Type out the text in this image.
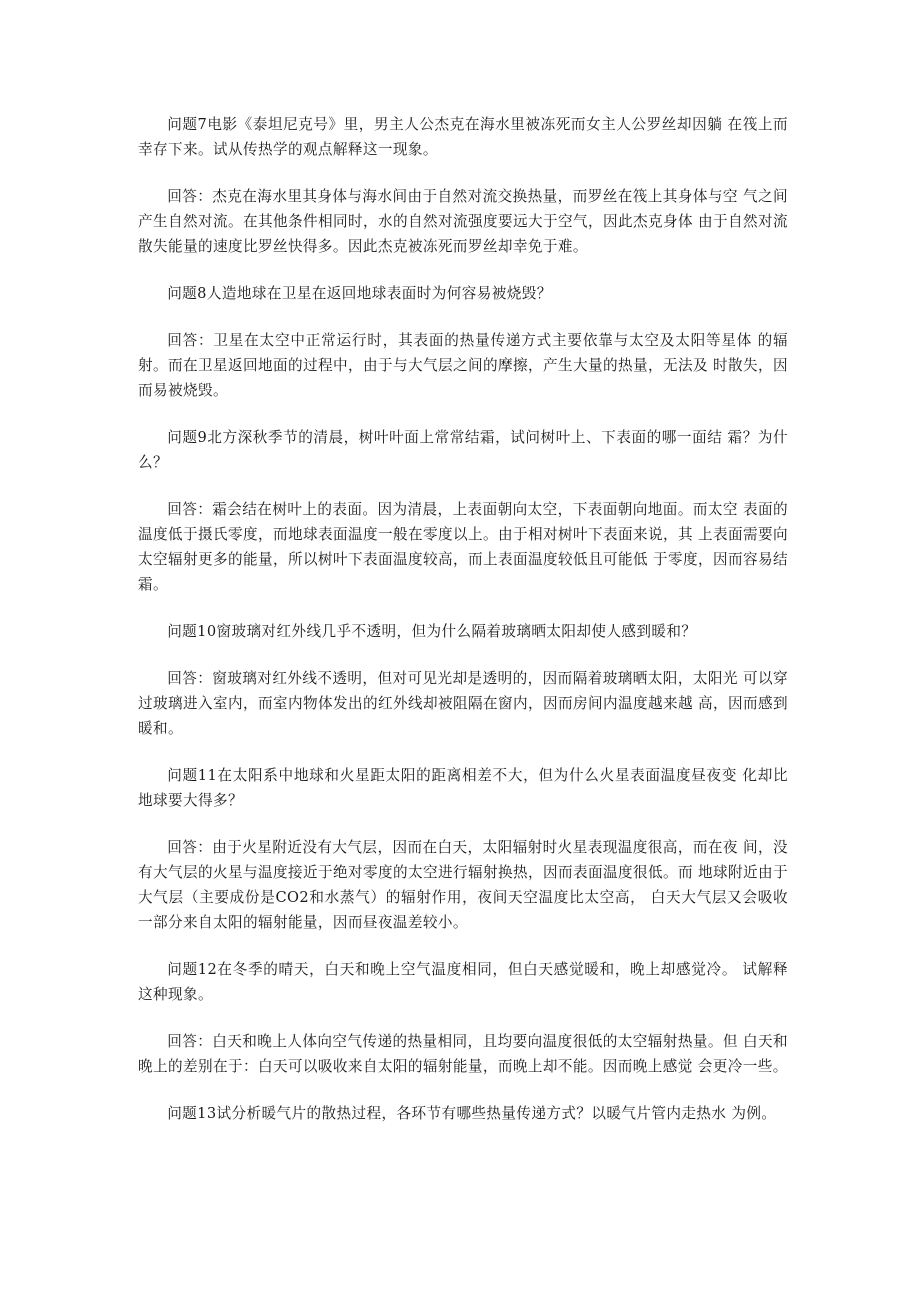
问题7电影《泰坦尼克号》里，男主人公杰克在海水里被冻死而女主人公罗丝却因躺 在筏上而幸存下来。试从传热学的观点解释这一现象。

回答：杰克在海水里其身体与海水间由于自然对流交换热量，而罗丝在筏上其身体与空 气之间产生自然对流。在其他条件相同时，水的自然对流强度要远大于空气，因此杰克身体 由于自然对流散失能量的速度比罗丝快得多。因此杰克被冻死而罗丝却幸免于难。

问题8人造地球在卫星在返回地球表面时为何容易被烧毁？

回答：卫星在太空中正常运行时，其表面的热量传递方式主要依靠与太空及太阳等星体 的辐射。而在卫星返回地面的过程中，由于与大气层之间的摩擦，产生大量的热量，无法及 时散失，因而易被烧毁。

问题9北方深秋季节的清晨，树叶叶面上常常结霜，试问树叶上、下表面的哪一面结 霜？为什么？

回答：霜会结在树叶上的表面。因为清晨，上表面朝向太空，下表面朝向地面。而太空 表面的温度低于摄氏零度，而地球表面温度一般在零度以上。由于相对树叶下表面来说，其 上表面需要向太空辐射更多的能量，所以树叶下表面温度较高，而上表面温度较低且可能低 于零度，因而容易结霜。

问题10窗玻璃对红外线几乎不透明，但为什么隔着玻璃晒太阳却使人感到暖和？

回答：窗玻璃对红外线不透明，但对可见光却是透明的，因而隔着玻璃晒太阳，太阳光 可以穿过玻璃进入室内，而室内物体发出的红外线却被阻隔在窗内，因而房间内温度越来越 高，因而感到暖和。

问题11在太阳系中地球和火星距太阳的距离相差不大，但为什么火星表面温度昼夜变 化却比地球要大得多？

回答：由于火星附近没有大气层，因而在白天，太阳辐射时火星表现温度很高，而在夜 间，没有大气层的火星与温度接近于绝对零度的太空进行辐射换热，因而表面温度很低。而 地球附近由于大气层（主要成份是CO2和水蒸气）的辐射作用，夜间天空温度比太空高， 白天大气层又会吸收一部分来自太阳的辐射能量，因而昼夜温差较小。

问题12在冬季的晴天，白天和晚上空气温度相同，但白天感觉暖和，晚上却感觉冷。 试解释这种现象。

回答：白天和晚上人体向空气传递的热量相同，且均要向温度很低的太空辐射热量。但 白天和晚上的差别在于：白天可以吸收来自太阳的辐射能量，而晚上却不能。因而晚上感觉 会更冷一些。

问题13试分析暖气片的散热过程，各环节有哪些热量传递方式？以暖气片管内走热水 为例。
